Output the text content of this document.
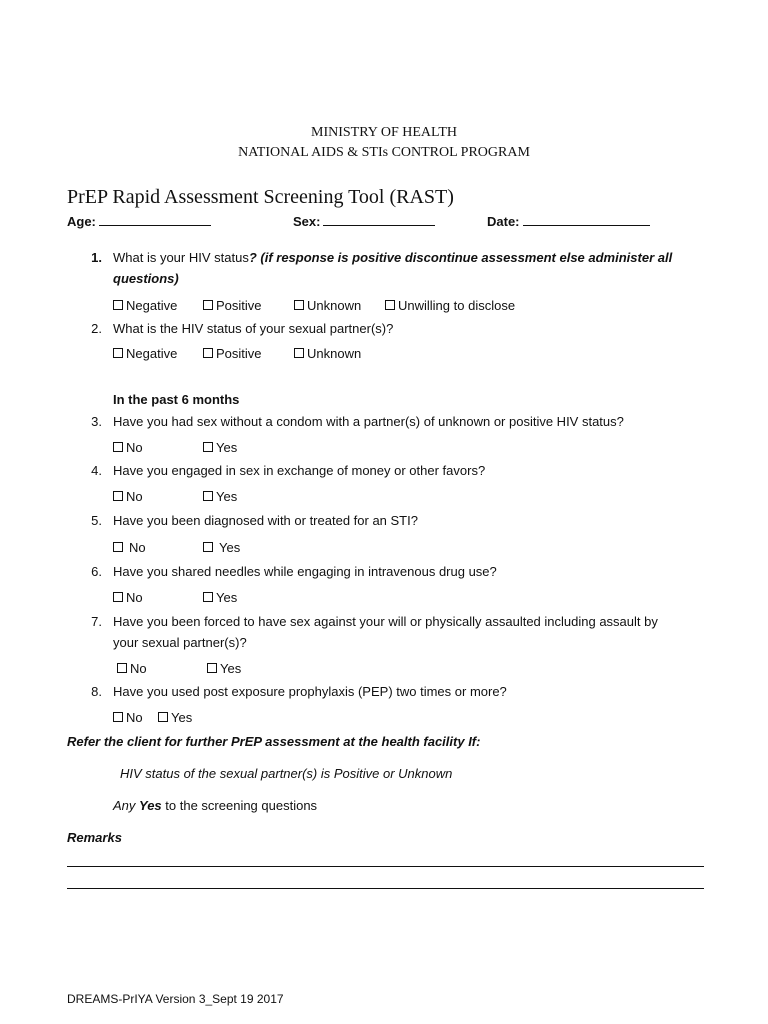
MINISTRY OF HEALTH
NATIONAL AIDS & STIs CONTROL PROGRAM
PrEP Rapid Assessment Screening Tool (RAST)
Age:	Sex:	Date:
1. What is your HIV status? (if response is positive discontinue assessment else administer all
questions)
Negative	Positive	Unknown	Unwilling to disclose
2. What is the HIV status of your sexual partner(s)?
Negative	Positive	Unknown
In the past 6 months
3. Have you had sex without a condom with a partner(s) of unknown or positive HIV status?
No	Yes
4. Have you engaged in sex in exchange of money or other favors?
No	Yes
5. Have you been diagnosed with or treated for an STI?
No	Yes
6. Have you shared needles while engaging in intravenous drug use?
No	Yes
7. Have you been forced to have sex against your will or physically assaulted including assault by
your sexual partner(s)?
No	Yes
8. Have you used post exposure prophylaxis (PEP) two times or more?
No	Yes
Refer the client for further PrEP assessment at the health facility If:
HIV status of the sexual partner(s) is Positive or Unknown
Any Yes to the screening questions
Remarks
DREAMS-PrIYA Version 3_Sept 19 2017
